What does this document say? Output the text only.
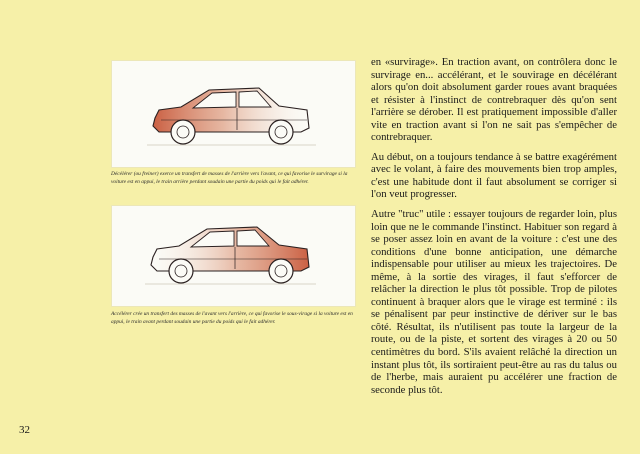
Décélérer (ou freiner) exerce un transfert de masses de l'arrière vers l'avant, ce qui favorise le survirage si la voiture est en appui, le train arrière perdant soudain une partie du poids qui le fait adhérer.

Accélérer crée un transfert des masses de l'avant vers l'arrière, ce qui favorise le sous-virage si la voiture est en appui, le train avant perdant soudain une partie du poids qui le fait adhérer.

en «survirage». En traction avant, on contrôlera donc le survirage en... accélérant, et le souvirage en décélérant alors qu'on doit absolument garder roues avant braquées et résister à l'instinct de contrebraquer dès qu'on sent l'arrière se dérober. Il est pratiquement impossible d'aller vite en traction avant si l'on ne sait pas s'empêcher de contrebraquer.

Au début, on a toujours tendance à se battre exagérément avec le volant, à faire des mouvements bien trop amples, c'est une habitude dont il faut absolument se corriger si l'on veut progresser.

Autre "truc" utile : essayer toujours de regarder loin, plus loin que ne le commande l'instinct. Habituer son regard à se poser assez loin en avant de la voiture : c'est une des conditions d'une bonne anticipation, une démarche indispensable pour utiliser au mieux les trajectoires. De même, à la sortie des virages, il faut s'efforcer de relâcher la direction le plus tôt possible. Trop de pilotes continuent à braquer alors que le virage est terminé : ils se pénalisent par peur instinctive de dériver sur le bas côté. Résultat, ils n'utilisent pas toute la largeur de la route, ou de la piste, et sortent des virages à 20 ou 50 centimètres du bord. S'ils avaient relâché la direction un instant plus tôt, ils sortiraient peut-être au ras du talus ou de l'herbe, mais auraient pu accélérer une fraction de seconde plus tôt.

32
